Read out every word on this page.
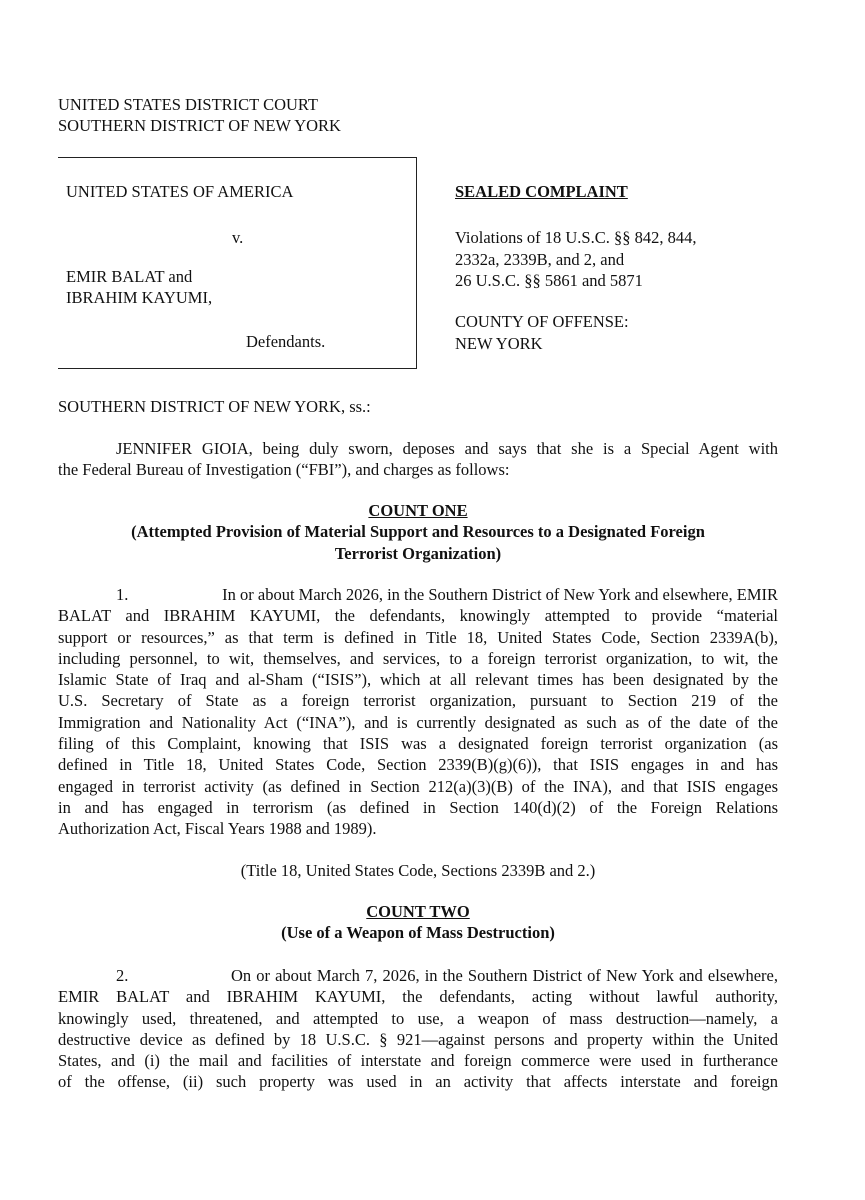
UNITED STATES DISTRICT COURT
SOUTHERN DISTRICT OF NEW YORK
UNITED STATES OF AMERICA
v.
EMIR BALAT and
IBRAHIM KAYUMI,
Defendants.
SEALED COMPLAINT
Violations of 18 U.S.C. §§ 842, 844,
2332a, 2339B, and 2, and
26 U.S.C. §§ 5861 and 5871
COUNTY OF OFFENSE:
NEW YORK
SOUTHERN DISTRICT OF NEW YORK, ss.:
JENNIFER GIOIA, being duly sworn, deposes and says that she is a Special Agent with
the Federal Bureau of Investigation (“FBI”), and charges as follows:
COUNT ONE
(Attempted Provision of Material Support and Resources to a Designated Foreign
Terrorist Organization)
1.	In or about March 2026, in the Southern District of New York and elsewhere, EMIR
BALAT and IBRAHIM KAYUMI, the defendants, knowingly attempted to provide “material
support or resources,” as that term is defined in Title 18, United States Code, Section 2339A(b),
including personnel, to wit, themselves, and services, to a foreign terrorist organization, to wit, the
Islamic State of Iraq and al-Sham (“ISIS”), which at all relevant times has been designated by the
U.S. Secretary of State as a foreign terrorist organization, pursuant to Section 219 of the
Immigration and Nationality Act (“INA”), and is currently designated as such as of the date of the
filing of this Complaint, knowing that ISIS was a designated foreign terrorist organization (as
defined in Title 18, United States Code, Section 2339(B)(g)(6)), that ISIS engages in and has
engaged in terrorist activity (as defined in Section 212(a)(3)(B) of the INA), and that ISIS engages
in and has engaged in terrorism (as defined in Section 140(d)(2) of the Foreign Relations
Authorization Act, Fiscal Years 1988 and 1989).
(Title 18, United States Code, Sections 2339B and 2.)
COUNT TWO
(Use of a Weapon of Mass Destruction)
2.	On or about March 7, 2026, in the Southern District of New York and elsewhere,
EMIR BALAT and IBRAHIM KAYUMI, the defendants, acting without lawful authority,
knowingly used, threatened, and attempted to use, a weapon of mass destruction—namely, a
destructive device as defined by 18 U.S.C. § 921—against persons and property within the United
States, and (i) the mail and facilities of interstate and foreign commerce were used in furtherance
of the offense, (ii) such property was used in an activity that affects interstate and foreign
